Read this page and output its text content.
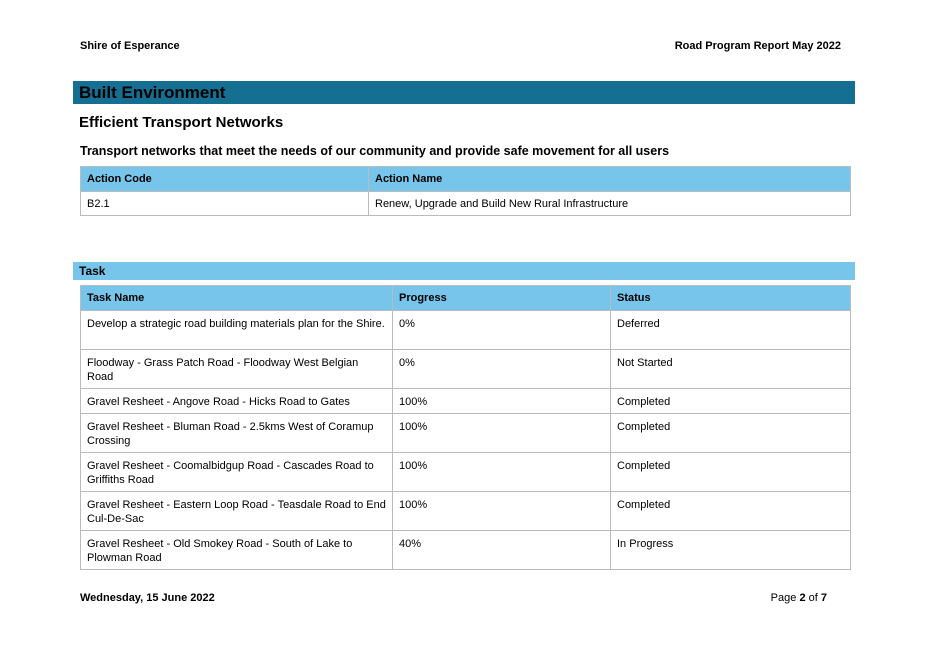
Shire of Esperance	Road Program Report May 2022
Built Environment
Efficient Transport Networks
Transport networks that meet the needs of our community and provide safe movement for all users
Action Code	Action Name
B2.1	Renew, Upgrade and Build New Rural Infrastructure
Task
Task Name	Progress	Status
Develop a strategic road building materials plan for the Shire.	0%	Deferred
Floodway - Grass Patch Road - Floodway West Belgian Road	0%	Not Started
Gravel Resheet - Angove Road - Hicks Road to Gates	100%	Completed
Gravel Resheet - Bluman Road - 2.5kms West of Coramup Crossing	100%	Completed
Gravel Resheet - Coomalbidgup Road - Cascades Road to Griffiths Road	100%	Completed
Gravel Resheet - Eastern Loop Road - Teasdale Road to End Cul-De-Sac	100%	Completed
Gravel Resheet - Old Smokey Road - South of Lake to Plowman Road	40%	In Progress
Wednesday, 15 June 2022	Page 2 of 7
